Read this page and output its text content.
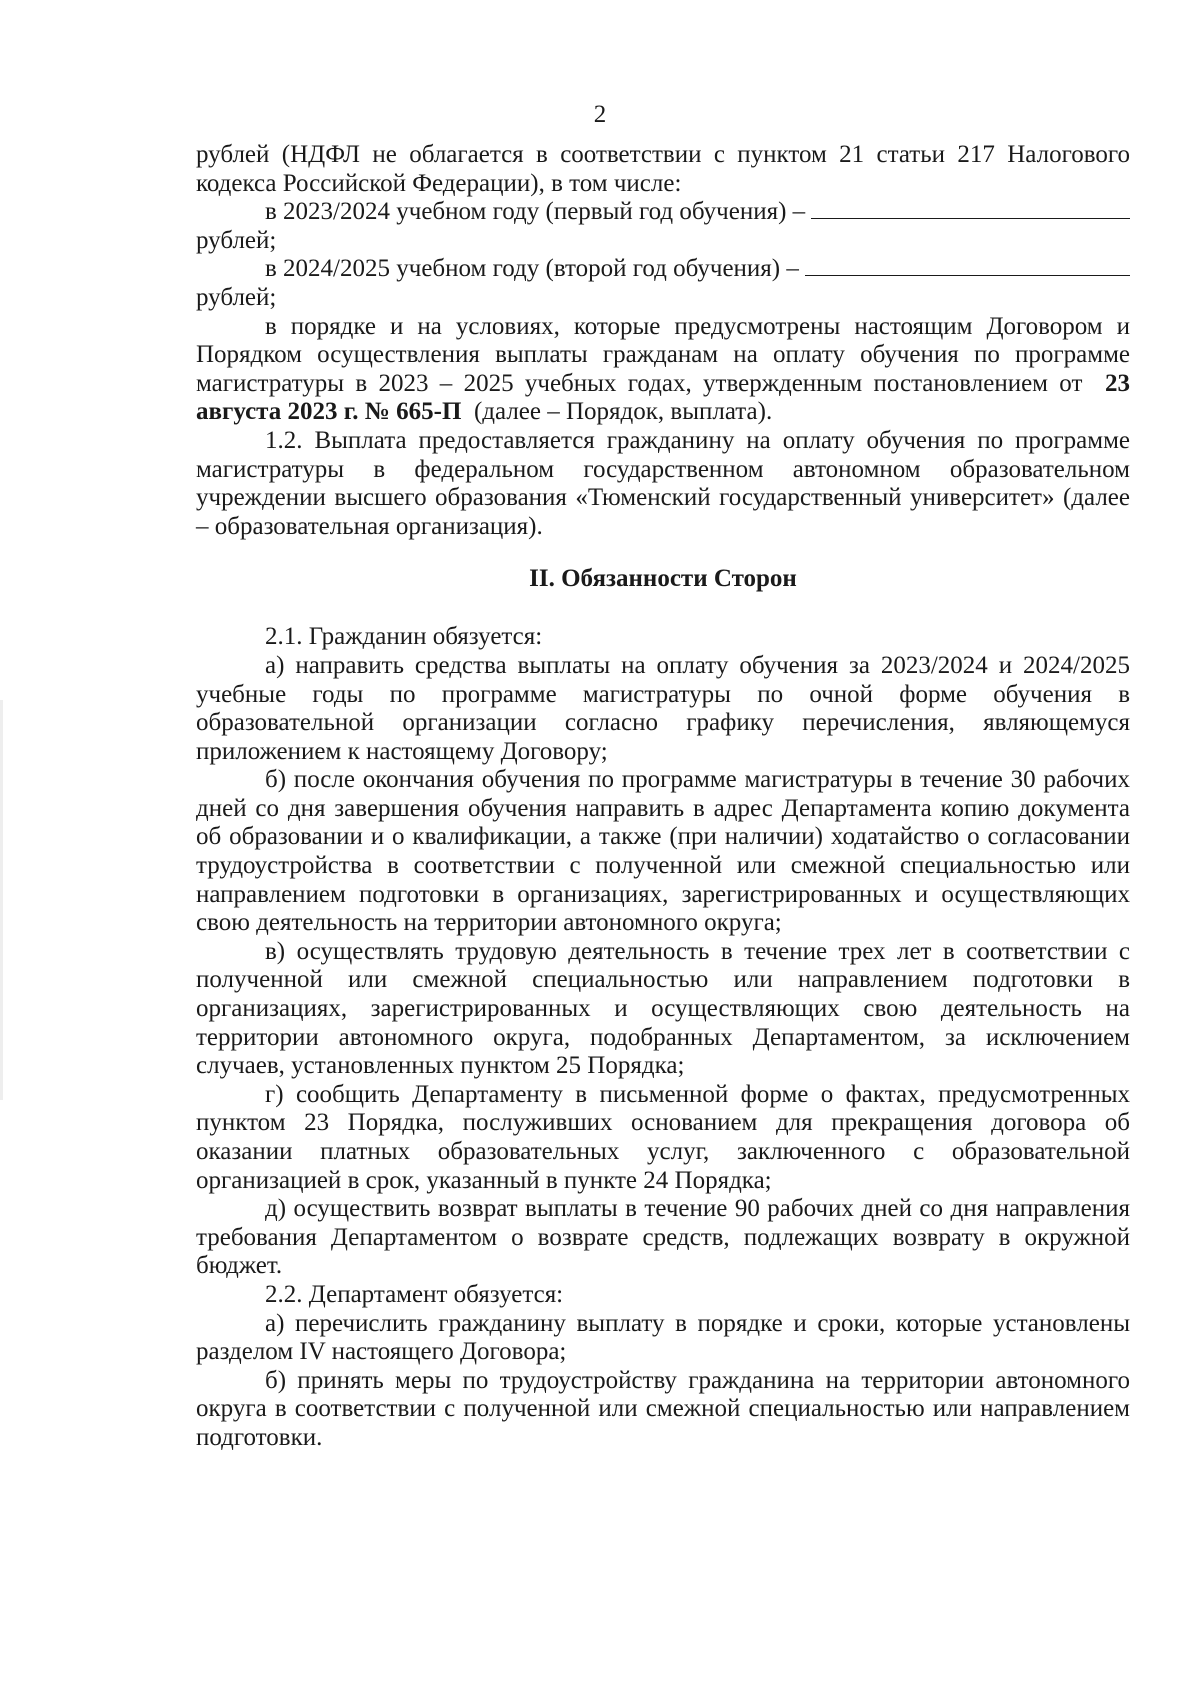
2

рублей (НДФЛ не облагается в соответствии с пунктом 21 статьи 217 Налогового кодекса Российской Федерации), в том числе:

в 2023/2024 учебном году (первый год обучения) –

рублей;

в 2024/2025 учебном году (второй год обучения) –

рублей;

в порядке и на условиях, которые предусмотрены настоящим Договором и Порядком осуществления выплаты гражданам на оплату обучения по программе магистратуры в 2023 – 2025 учебных годах, утвержденным постановлением от 23 августа 2023 г. № 665-П (далее – Порядок, выплата).

1.2. Выплата предоставляется гражданину на оплату обучения по программе магистратуры в федеральном государственном автономном образовательном учреждении высшего образования «Тюменский государственный университет» (далее – образовательная организация).

II. Обязанности Сторон

2.1. Гражданин обязуется:

а) направить средства выплаты на оплату обучения за 2023/2024 и 2024/2025 учебные годы по программе магистратуры по очной форме обучения в образовательной организации согласно графику перечисления, являющемуся приложением к настоящему Договору;

б) после окончания обучения по программе магистратуры в течение 30 рабочих дней со дня завершения обучения направить в адрес Департамента копию документа об образовании и о квалификации, а также (при наличии) ходатайство о согласовании трудоустройства в соответствии с полученной или смежной специальностью или направлением подготовки в организациях, зарегистрированных и осуществляющих свою деятельность на территории автономного округа;

в) осуществлять трудовую деятельность в течение трех лет в соответствии с полученной или смежной специальностью или направлением подготовки в организациях, зарегистрированных и осуществляющих свою деятельность на территории автономного округа, подобранных Департаментом, за исключением случаев, установленных пунктом 25 Порядка;

г) сообщить Департаменту в письменной форме о фактах, предусмотренных пунктом 23 Порядка, послуживших основанием для прекращения договора об оказании платных образовательных услуг, заключенного с образовательной организацией в срок, указанный в пункте 24 Порядка;

д) осуществить возврат выплаты в течение 90 рабочих дней со дня направления требования Департаментом о возврате средств, подлежащих возврату в окружной бюджет.

2.2. Департамент обязуется:

а) перечислить гражданину выплату в порядке и сроки, которые установлены разделом IV настоящего Договора;

б) принять меры по трудоустройству гражданина на территории автономного округа в соответствии с полученной или смежной специальностью или направлением подготовки.
